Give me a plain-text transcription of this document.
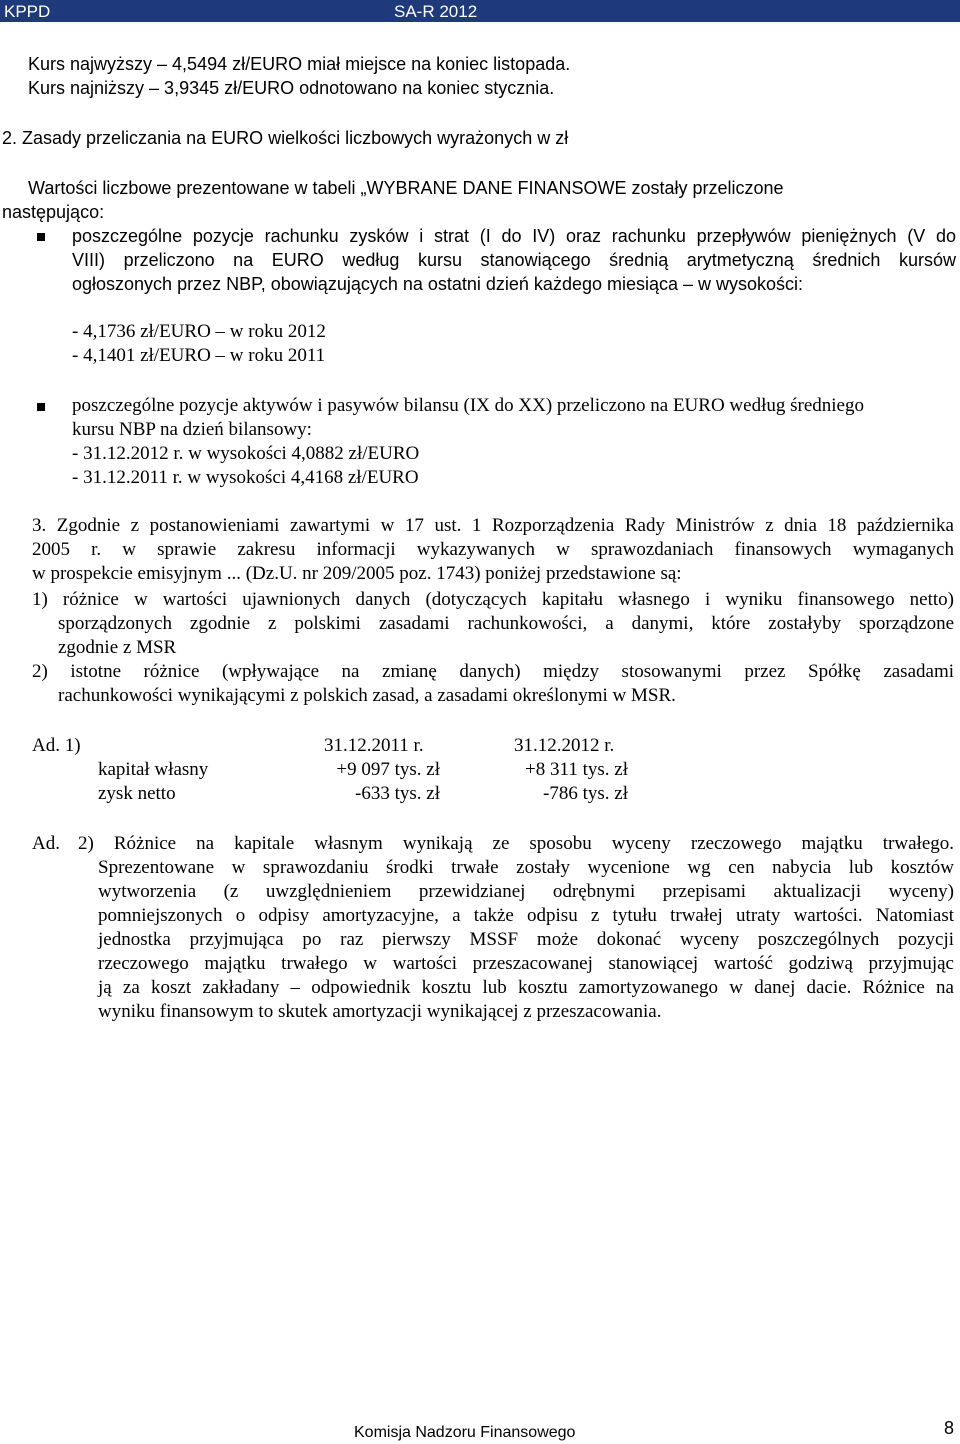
KPPD	SA-R 2012
Kurs najwyższy – 4,5494 zł/EURO miał miejsce na koniec listopada.
Kurs najniższy – 3,9345 zł/EURO odnotowano na koniec stycznia.
2. Zasady przeliczania na EURO wielkości liczbowych wyrażonych w zł
Wartości liczbowe prezentowane w tabeli „WYBRANE DANE FINANSOWE zostały przeliczone
następująco:
poszczególne pozycje rachunku zysków i strat (I do IV) oraz rachunku przepływów pieniężnych (V do
VIII) przeliczono na EURO według kursu stanowiącego średnią arytmetyczną średnich kursów
ogłoszonych przez NBP, obowiązujących na ostatni dzień każdego miesiąca – w wysokości:
- 4,1736 zł/EURO – w roku 2012
- 4,1401 zł/EURO – w roku 2011
poszczególne pozycje aktywów i pasywów bilansu (IX do XX) przeliczono na EURO według średniego
kursu NBP na dzień bilansowy:
- 31.12.2012 r. w wysokości 4,0882 zł/EURO
- 31.12.2011 r. w wysokości 4,4168 zł/EURO
3. Zgodnie z postanowieniami zawartymi w 17 ust. 1 Rozporządzenia Rady Ministrów z dnia 18 października
2005 r. w sprawie zakresu informacji wykazywanych w sprawozdaniach finansowych wymaganych
w prospekcie emisyjnym ... (Dz.U. nr 209/2005 poz. 1743) poniżej przedstawione są:
1) różnice w wartości ujawnionych danych (dotyczących kapitału własnego i wyniku finansowego netto)
sporządzonych zgodnie z polskimi zasadami rachunkowości, a danymi, które zostałyby sporządzone
zgodnie z MSR
2) istotne różnice (wpływające na zmianę danych) między stosowanymi przez Spółkę zasadami
rachunkowości wynikającymi z polskich zasad, a zasadami określonymi w MSR.
Ad. 1)	31.12.2011 r.	31.12.2012 r.
kapitał własny	+9 097 tys. zł	+8 311 tys. zł
zysk netto	-633 tys. zł	-786 tys. zł
Ad. 2) Różnice na kapitale własnym wynikają ze sposobu wyceny rzeczowego majątku trwałego.
Sprezentowane w sprawozdaniu środki trwałe zostały wycenione wg cen nabycia lub kosztów
wytworzenia (z uwzględnieniem przewidzianej odrębnymi przepisami aktualizacji wyceny)
pomniejszonych o odpisy amortyzacyjne, a także odpisu z tytułu trwałej utraty wartości. Natomiast
jednostka przyjmująca po raz pierwszy MSSF może dokonać wyceny poszczególnych pozycji
rzeczowego majątku trwałego w wartości przeszacowanej stanowiącej wartość godziwą przyjmując
ją za koszt zakładany – odpowiednik kosztu lub kosztu zamortyzowanego w danej dacie. Różnice na
wyniku finansowym to skutek amortyzacji wynikającej z przeszacowania.
Komisja Nadzoru Finansowego	8
